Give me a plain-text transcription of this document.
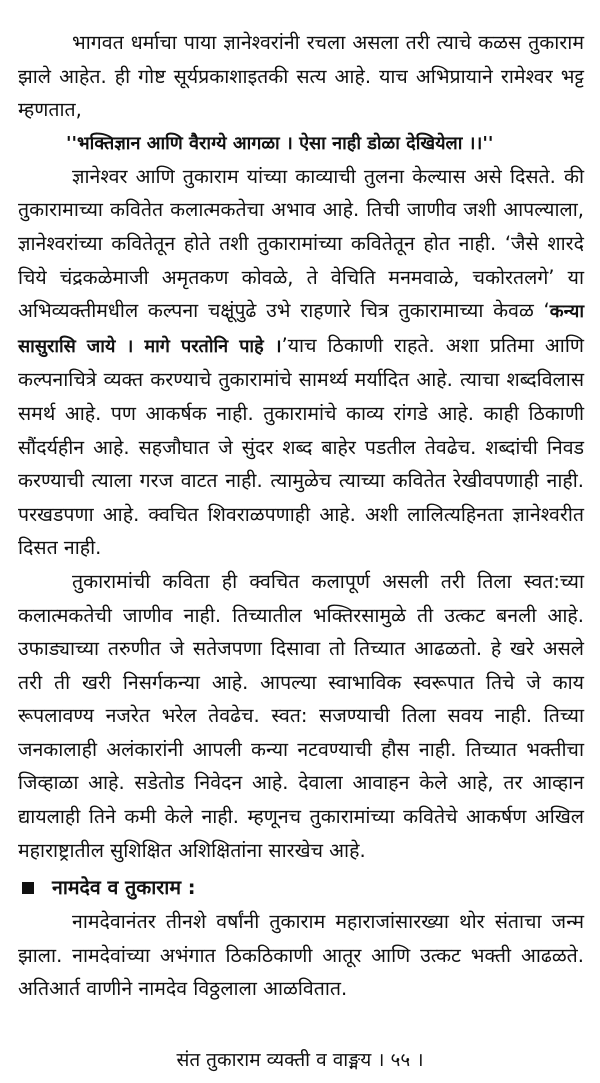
भागवत धर्माचा पाया ज्ञानेश्वरांनी रचला असला तरी त्याचे कळस तुकाराम झाले आहेत. ही गोष्ट सूर्यप्रकाशाइतकी सत्य आहे. याच अभिप्रायाने रामेश्वर भट्ट म्हणतात,

''भक्तिज्ञान आणि वैराग्ये आगळा । ऐसा नाही डोळा देखियेला ।।''

ज्ञानेश्वर आणि तुकाराम यांच्या काव्याची तुलना केल्यास असे दिसते. की तुकारामाच्या कवितेत कलात्मकतेचा अभाव आहे. तिची जाणीव जशी आपल्याला, ज्ञानेश्वरांच्या कवितेतून होते तशी तुकारामांच्या कवितेतून होत नाही. ‘जैसे शारदे चिये चंद्रकळेमाजी अमृतकण कोवळे, ते वेचिति मनमवाळे, चकोरतलगे’ या अभिव्यक्तीमधील कल्पना चक्षूंपुढे उभे राहणारे चित्र तुकारामाच्या केवळ ‘कन्या सासुरासि जाये । मागे परतोनि पाहे ।’याच ठिकाणी राहते. अशा प्रतिमा आणि कल्पनाचित्रे व्यक्त करण्याचे तुकारामांचे सामर्थ्य मर्यादित आहे. त्याचा शब्दविलास समर्थ आहे. पण आकर्षक नाही. तुकारामांचे काव्य रांगडे आहे. काही ठिकाणी सौंदर्यहीन आहे. सहजौघात जे सुंदर शब्द बाहेर पडतील तेवढेच. शब्दांची निवड करण्याची त्याला गरज वाटत नाही. त्यामुळेच त्याच्या कवितेत रेखीवपणाही नाही. परखडपणा आहे. क्वचित शिवराळपणाही आहे. अशी लालित्यहिनता ज्ञानेश्वरीत दिसत नाही.

तुकारामांची कविता ही क्वचित कलापूर्ण असली तरी तिला स्वत:च्या कलात्मकतेची जाणीव नाही. तिच्यातील भक्तिरसामुळे ती उत्कट बनली आहे. उफाड्याच्या तरुणीत जे सतेजपणा दिसावा तो तिच्यात आढळतो. हे खरे असले तरी ती खरी निसर्गकन्या आहे. आपल्या स्वाभाविक स्वरूपात तिचे जे काय रूपलावण्य नजरेत भरेल तेवढेच. स्वत: सजण्याची तिला सवय नाही. तिच्या जनकालाही अलंकारांनी आपली कन्या नटवण्याची हौस नाही. तिच्यात भक्तीचा जिव्हाळा आहे. सडेतोड निवेदन आहे. देवाला आवाहन केले आहे, तर आव्हान द्यायलाही तिने कमी केले नाही. म्हणूनच तुकारामांच्या कवितेचे आकर्षण अखिल महाराष्ट्रातील सुशिक्षित अशिक्षितांना सारखेच आहे.

नामदेव व तुकाराम :

नामदेवानंतर तीनशे वर्षांनी तुकाराम महाराजांसारख्या थोर संताचा जन्म झाला. नामदेवांच्या अभंगात ठिकठिकाणी आतूर आणि उत्कट भक्ती आढळते. अतिआर्त वाणीने नामदेव विठ्ठलाला आळवितात.

संत तुकाराम व्यक्ती व वाङ्मय । ५५ ।
